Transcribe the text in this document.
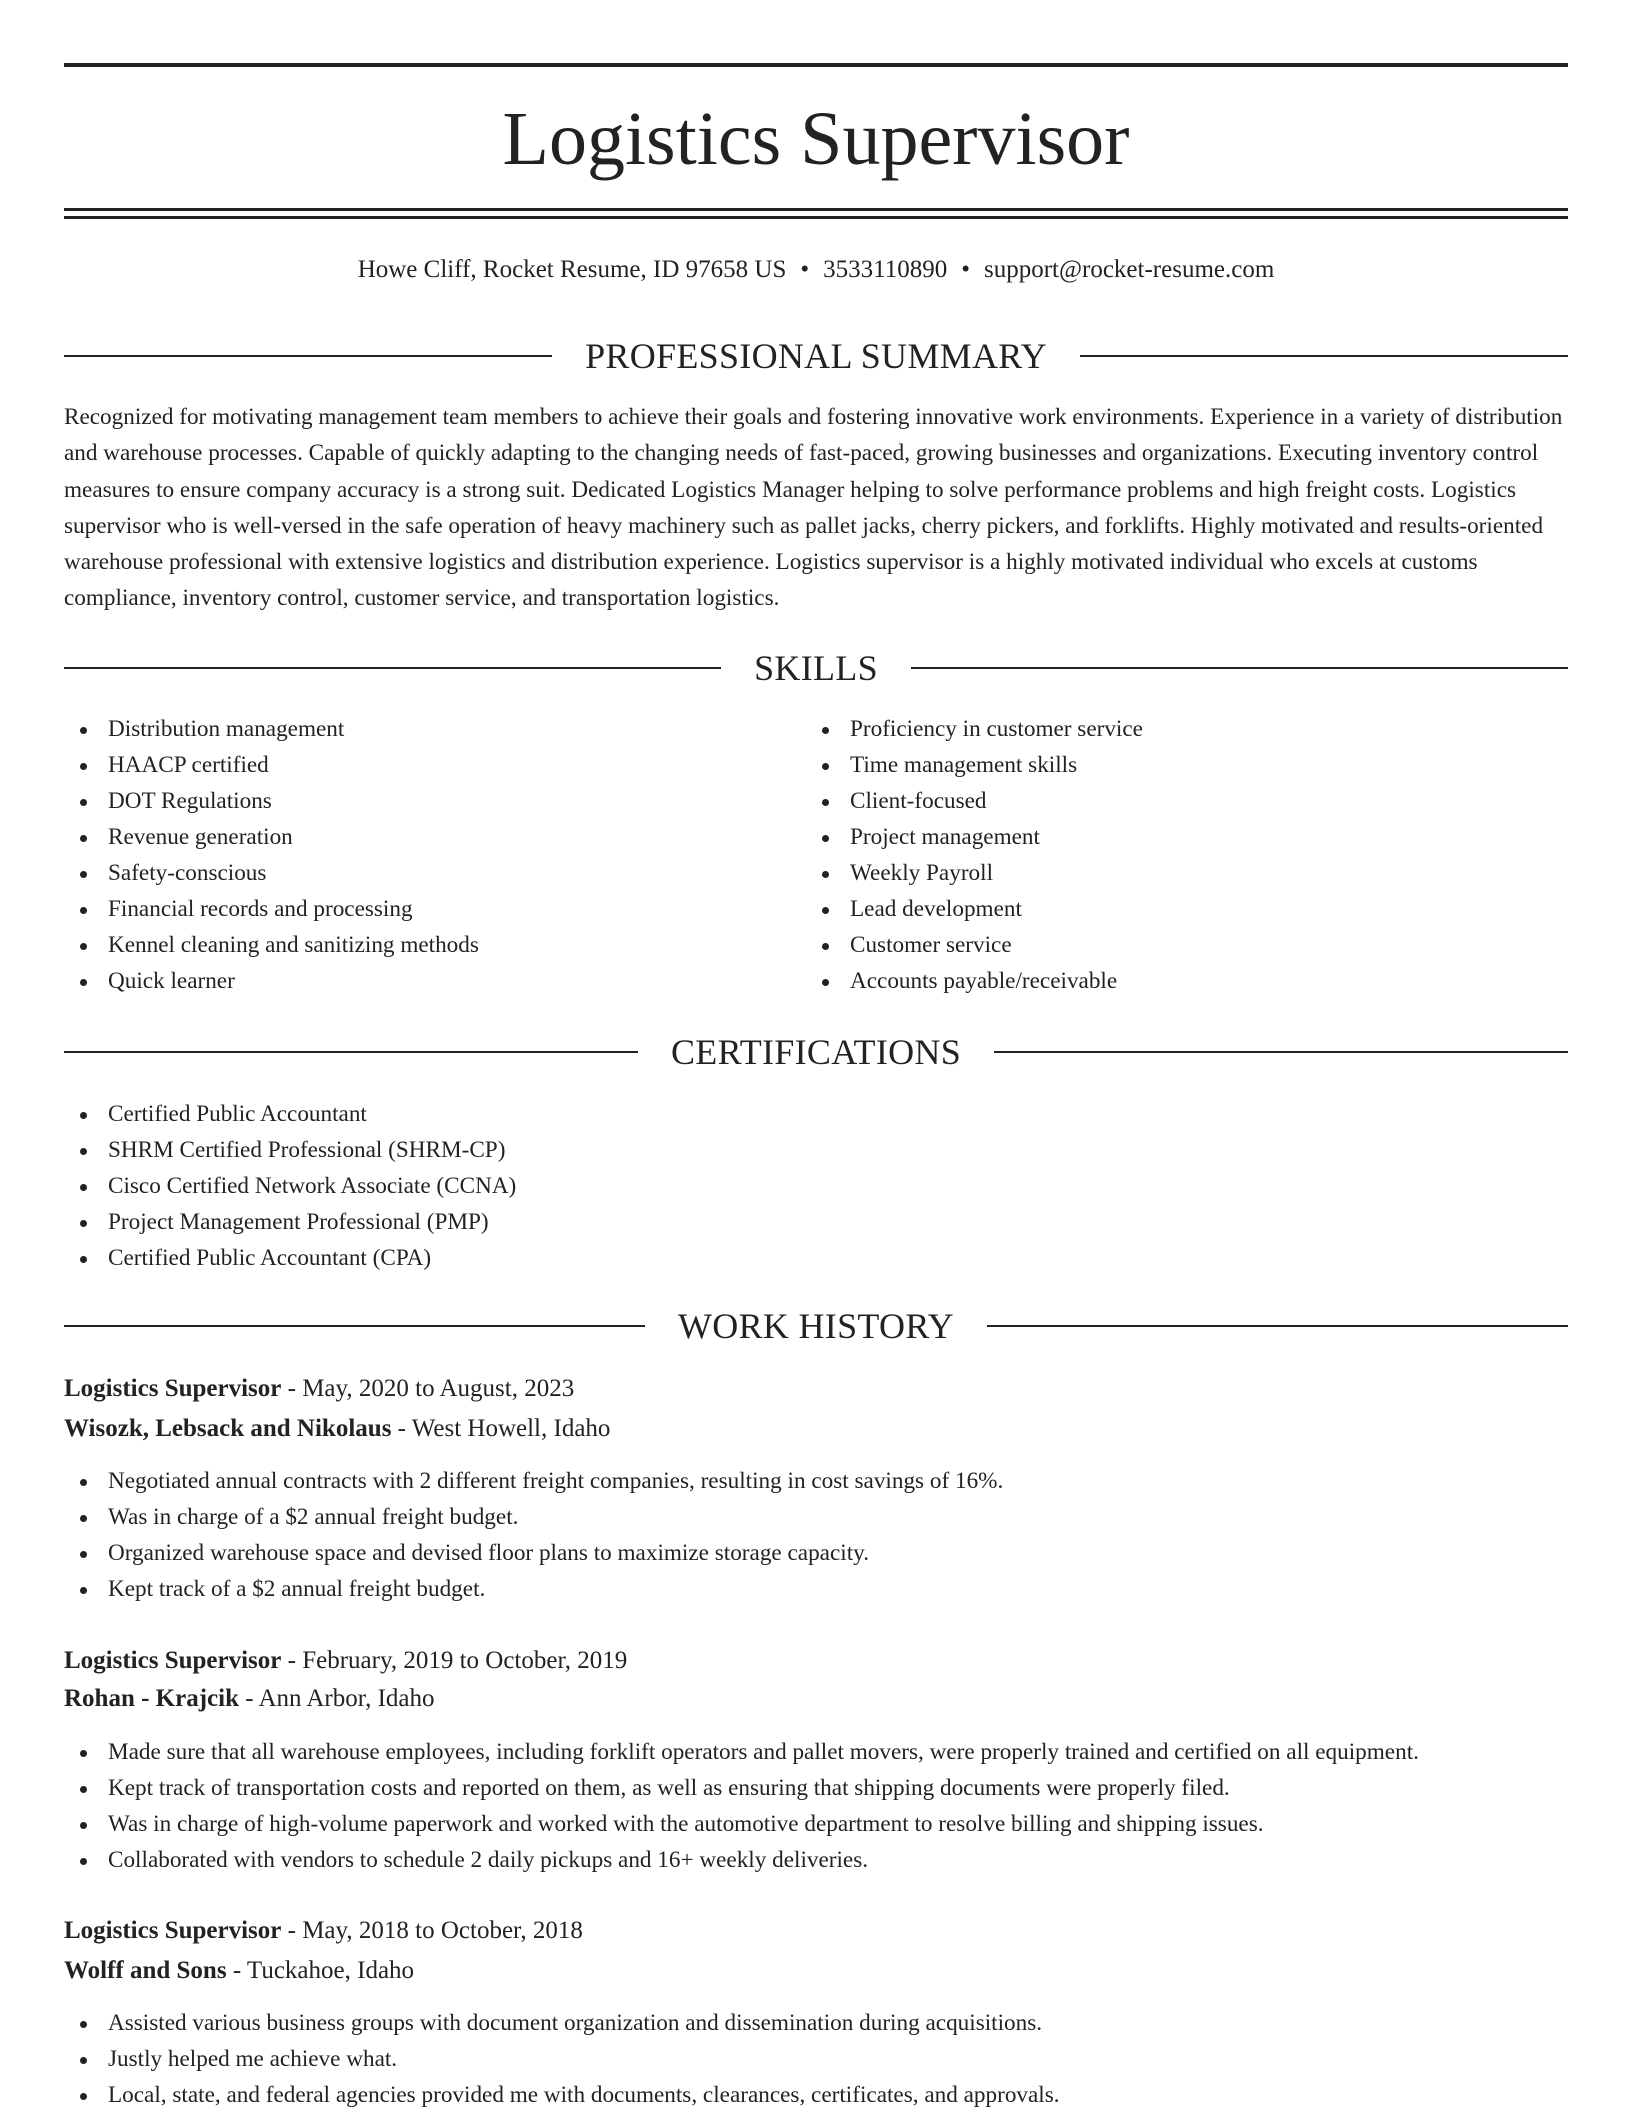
Logistics Supervisor
Howe Cliff, Rocket Resume, ID 97658 US • 3533110890 • support@rocket-resume.com
PROFESSIONAL SUMMARY
Recognized for motivating management team members to achieve their goals and fostering innovative work environments. Experience in a variety of distribution and warehouse processes. Capable of quickly adapting to the changing needs of fast-paced, growing businesses and organizations. Executing inventory control measures to ensure company accuracy is a strong suit. Dedicated Logistics Manager helping to solve performance problems and high freight costs. Logistics supervisor who is well-versed in the safe operation of heavy machinery such as pallet jacks, cherry pickers, and forklifts. Highly motivated and results-oriented warehouse professional with extensive logistics and distribution experience. Logistics supervisor is a highly motivated individual who excels at customs compliance, inventory control, customer service, and transportation logistics.
SKILLS
Distribution management
HAACP certified
DOT Regulations
Revenue generation
Safety-conscious
Financial records and processing
Kennel cleaning and sanitizing methods
Quick learner
Proficiency in customer service
Time management skills
Client-focused
Project management
Weekly Payroll
Lead development
Customer service
Accounts payable/receivable
CERTIFICATIONS
Certified Public Accountant
SHRM Certified Professional (SHRM-CP)
Cisco Certified Network Associate (CCNA)
Project Management Professional (PMP)
Certified Public Accountant (CPA)
WORK HISTORY
Logistics Supervisor - May, 2020 to August, 2023
Wisozk, Lebsack and Nikolaus - West Howell, Idaho
Negotiated annual contracts with 2 different freight companies, resulting in cost savings of 16%.
Was in charge of a $2 annual freight budget.
Organized warehouse space and devised floor plans to maximize storage capacity.
Kept track of a $2 annual freight budget.
Logistics Supervisor - February, 2019 to October, 2019
Rohan - Krajcik - Ann Arbor, Idaho
Made sure that all warehouse employees, including forklift operators and pallet movers, were properly trained and certified on all equipment.
Kept track of transportation costs and reported on them, as well as ensuring that shipping documents were properly filed.
Was in charge of high-volume paperwork and worked with the automotive department to resolve billing and shipping issues.
Collaborated with vendors to schedule 2 daily pickups and 16+ weekly deliveries.
Logistics Supervisor - May, 2018 to October, 2018
Wolff and Sons - Tuckahoe, Idaho
Assisted various business groups with document organization and dissemination during acquisitions.
Justly helped me achieve what.
Local, state, and federal agencies provided me with documents, clearances, certificates, and approvals.
